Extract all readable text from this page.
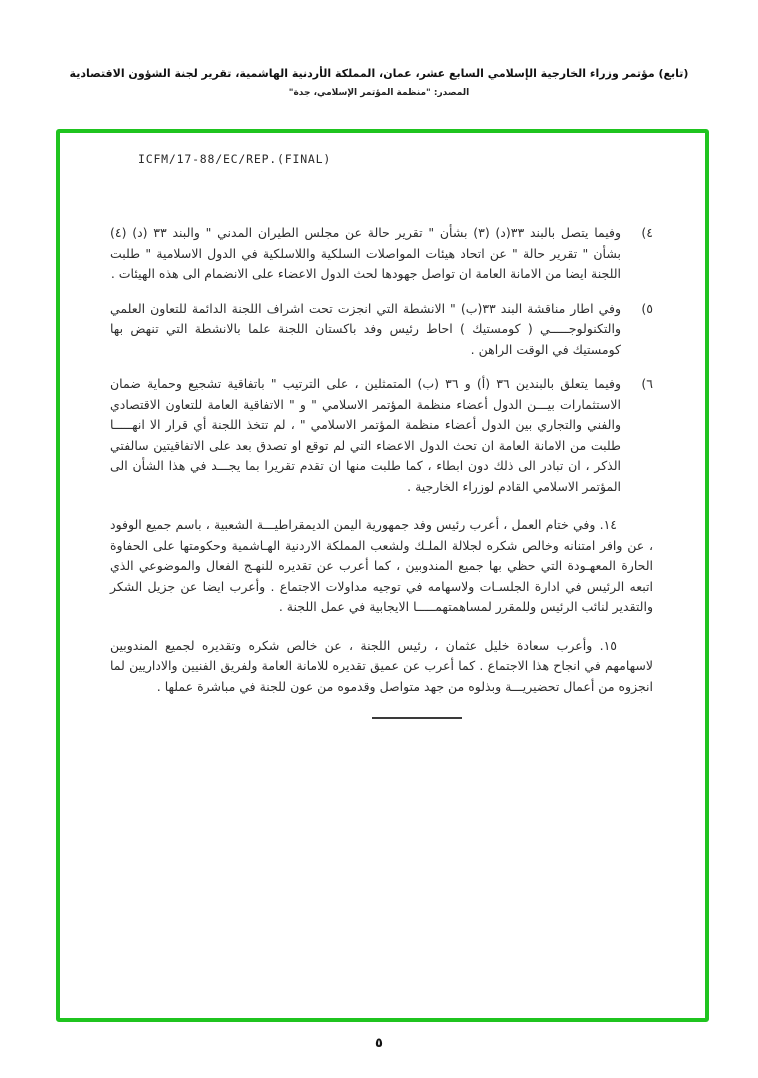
(تابع) مؤتمر وزراء الخارجية الإسلامي السابع عشر، عمان، المملكة الأردنية الهاشمية، تقرير لجنة الشؤون الاقتصادية
المصدر: "منظمة المؤتمر الإسلامي، جدة"
ICFM/17-88/EC/REP.(FINAL)
٤)
وفيما يتصل بالبند ٣٣(د) (٣) بشأن " تقرير حالة عن مجلس الطيران المدني " والبند ٣٣ (د) (٤) بشأن " تقرير حالة " عن اتحاد هيئات المواصلات السلكية واللاسلكية في الدول الاسلامية " طلبت اللجنة ايضا من الامانة العامة ان تواصل جهودها لحث الدول الاعضاء على الانضمام الى هذه الهيئات .
٥)
وفي اطار مناقشة البند ٣٣(ب) " الانشطة التي انجزت تحت اشراف اللجنة الدائمة للتعاون العلمي والتكنولوجـــــي ( كومستيك ) احاط رئيس وفد باكستان اللجنة علما بالانشطة التي تنهض بها كومستيك في الوقت الراهن .
٦)
وفيما يتعلق بالبندين ٣٦ (أ) و ٣٦ (ب) المتمثلين ، على الترتيب " باتفاقية تشجيع وحماية ضمان الاستثمارات بيـــن الدول أعضاء منظمة المؤتمر الاسلامي " و " الاتفاقية العامة للتعاون الاقتصادي والفني والتجاري بين الدول أعضاء منظمة المؤتمر الاسلامي " ، لم تتخذ اللجنة أي قرار الا انهـــــا طلبت من الامانة العامة ان تحث الدول الاعضاء التي لم توقع او تصدق بعد على الاتفاقيتين سالفتي الذكر ، ان تبادر الى ذلك دون ابطاء ، كما طلبت منها ان تقدم تقريرا بما يجـــد في هذا الشأن الى المؤتمر الاسلامي القادم لوزراء الخارجية .

١٤. وفي ختام العمل ، أعرب رئيس وفد جمهورية اليمن الديمقراطيـــة الشعبية ، باسم جميع الوفود ، عن وافر امتنانه وخالص شكره لجلالة الملـك ولشعب المملكة الاردنية الهـاشمية وحكومتها على الحفاوة الحارة المعهـودة التي حظي بها جميع المندوبين ، كما أعرب عن تقديره للنهـج الفعال والموضوعي الذي اتبعه الرئيس في ادارة الجلسـات ولاسهامه في توجيه مداولات الاجتماع . وأعرب ايضا عن جزيل الشكر والتقدير لنائب الرئيس وللمقرر لمساهمتهمـــــا الايجابية في عمل اللجنة .

١٥. وأعرب سعادة خليل عثمان ، رئيس اللجنة ، عن خالص شكره وتقديره لجميع المندوبين لاسهامهم في انجاح هذا الاجتماع . كما أعرب عن عميق تقديره للامانة العامة ولفريق الفنيين والاداريين لما انجزوه من أعمال تحضيريـــة وبذلوه من جهد متواصل وقدموه من عون للجنة في مباشرة عملها .

٥
